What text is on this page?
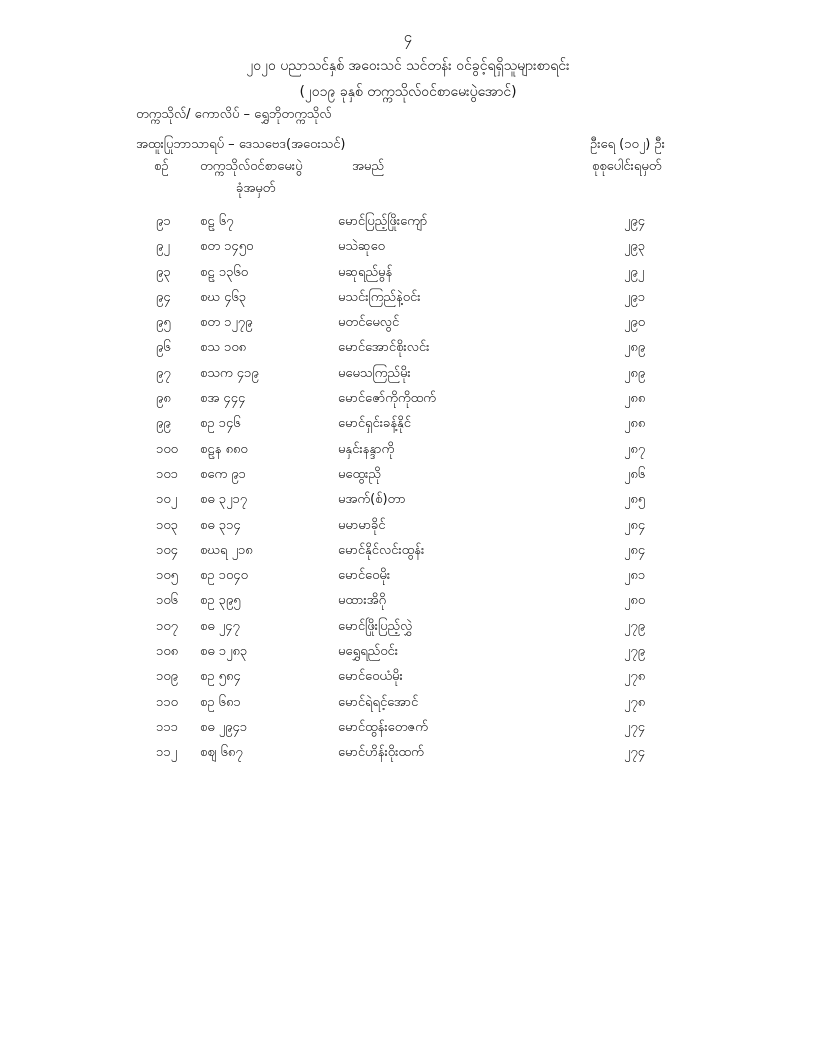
၄
၂၀၂၀ ပညာသင်နှစ် အဝေးသင် သင်တန်း ဝင်ခွင့်ရရှိသူများစာရင်း
(၂၀၁၉ ခုနှစ် တက္ကသိုလ်ဝင်စာမေးပွဲအောင်)
တက္ကသိုလ်/ ကောလိပ် – ရွှေဘိုတက္ကသိုလ်
အထူးပြုဘာသာရပ် – ဒေသ‌ဗေဒ(အဝေးသင်)	ဦးရေ (၁၀၂) ဦး
စဉ် တက္ကသိုလ်ဝင်စာမေးပွဲ
ခုံအမှတ်
အမည်	စုစုပေါင်းရမှတ်
၉၁	စဠ ၆၇	မောင်ပြည့်ဖြိုးကျော်	၂၉၄
၉၂	စတ ၁၄၅၀	မသဲဆုဝေ	၂၉၃
၉၃	စဠ ၁၃၆၀	မဆုရည်မွန်	၂၉၂
၉၄	စဃ ၄၆၃	မသင်းကြည်နဲ့ဝင်း	၂၉၁
၉၅	စတ ၁၂၇၉	မတင်မေလွင်	၂၉၀
၉၆	စသ ၁၀၈	မောင်အောင်စိုးလင်း	၂၈၉
၉၇	စသက ၄၁၉	မမေသကြည်မိုး	၂၈၉
၉၈	စအ ၄၄၄	မောင်ဇော်ကိုကိုထက်	၂၈၈
၉၉	စဥ ၁၄၆	မောင်ရှင်းခန့်နိုင်	၂၈၈
၁၀၀	စဠန ၈၈၀	မနှင်းနန္ဒာကို	၂၈၇
၁၀၁	စကေ ၉၁	မထွေးညို	၂၈၆
၁၀၂	စဓ ၃၂၁၇	မအက်(စ်)တာ	၂၈၅
၁၀၃	စဓ ၃၁၄	မမာမာခိုင်	၂၈၄
၁၀၄	စဃရ ၂၁၈	မောင်နိုင်လင်းထွန်း	၂၈၄
၁၀၅	စဥ ၁၀၄၀	မောင်ဝေမိုး	၂၈၁
၁၀၆	စဥ ၃၉၅	မထားအိဂို	၂၈၀
၁၀၇	စဓ ၂၄၇	မောင်ဖြိုးပြည့်လွှဲ	၂၇၉
၁၀၈	စဓ ၁၂၈၃	မရွှေရည်ဝင်း	၂၇၉
၁၀၉	စဥ ၅၈၄	မောင်ဝေယံမိုး	၂၇၈
၁၁၀	စဥ ၆၈၁	မောင်ရဲရင့်အောင်	၂၇၈
၁၁၁	စဓ ၂၉၄၁	မောင်ထွန်းတေဇက်	၂၇၄
၁၁၂	စဈ ၆၈၇	မောင်ဟိန်းဝိုးထက်	၂၇၄
